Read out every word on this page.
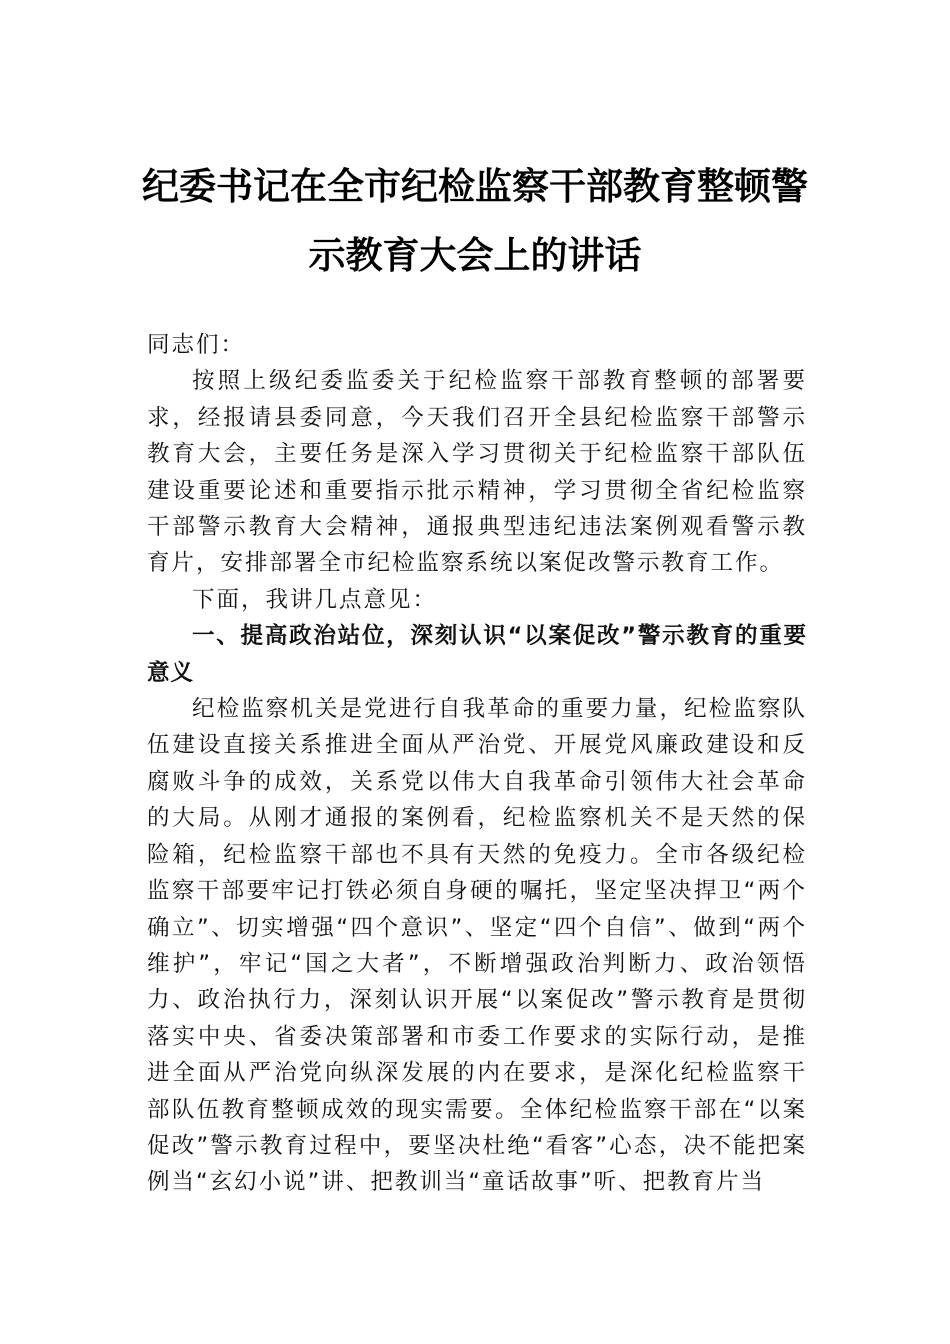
纪委书记在全市纪检监察干部教育整顿警
示教育大会上的讲话

同志们：

按照上级纪委监委关于纪检监察干部教育整顿的部署要求，经报请县委同意，今天我们召开全县纪检监察干部警示教育大会，主要任务是深入学习贯彻关于纪检监察干部队伍建设重要论述和重要指示批示精神，学习贯彻全省纪检监察干部警示教育大会精神，通报典型违纪违法案例观看警示教育片，安排部署全市纪检监察系统以案促改警示教育工作。

下面，我讲几点意见：

一、提高政治站位，深刻认识“以案促改”警示教育的重要意义

纪检监察机关是党进行自我革命的重要力量，纪检监察队伍建设直接关系推进全面从严治党、开展党风廉政建设和反腐败斗争的成效，关系党以伟大自我革命引领伟大社会革命的大局。从刚才通报的案例看，纪检监察机关不是天然的保险箱，纪检监察干部也不具有天然的免疫力。全市各级纪检监察干部要牢记打铁必须自身硬的嘱托，坚定坚决捍卫“两个确立”、切实增强“四个意识”、坚定“四个自信”、做到“两个维护”，牢记“国之大者”，不断增强政治判断力、政治领悟力、政治执行力，深刻认识开展“以案促改”警示教育是贯彻落实中央、省委决策部署和市委工作要求的实际行动，是推进全面从严治党向纵深发展的内在要求，是深化纪检监察干部队伍教育整顿成效的现实需要。全体纪检监察干部在“以案促改”警示教育过程中，要坚决杜绝“看客”心态，决不能把案例当“玄幻小说”讲、把教训当“童话故事”听、把教育片当
